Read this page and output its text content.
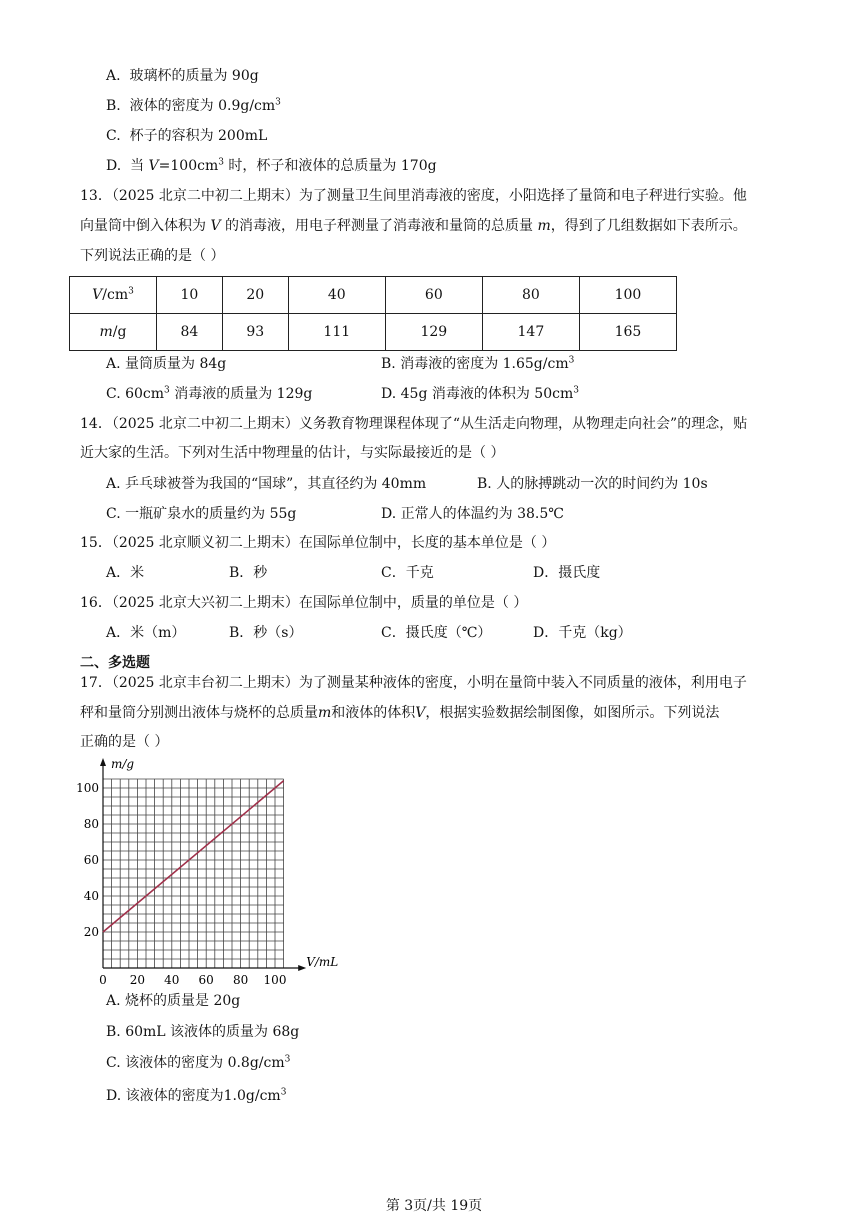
A. 玻璃杯的质量为 90g
B. 液体的密度为 $0.9g/cm^3$
C. 杯子的容积为 200mL
D. 当 $V=100cm^3$ 时，杯子和液体的总质量为 170g
13．（2025 北京二中初二上期末）为了测量卫生间里消毒液的密度，小阳选择了量筒和电子秤进行实验。他
向量筒中倒入体积为 V 的消毒液，用电子秤测量了消毒液和量筒的总质量 m，得到了几组数据如下表所示。
下列说法正确的是（ ）
$V/cm^3$	10	20	40	60	80	100
m/g	84	93	111	129	147	165
A. 量筒质量为 84g	B. 消毒液的密度为 $1.65g/cm^3$
C. $60cm^3$ 消毒液的质量为 129g	D. 45g 消毒液的体积为 $50cm^3$
14．（2025 北京二中初二上期末）义务教育物理课程体现了“从生活走向物理，从物理走向社会”的理念，贴
近大家的生活。下列对生活中物理量的估计，与实际最接近的是（ ）
A. 乒乓球被誉为我国的“国球”，其直径约为 40mm	B. 人的脉搏跳动一次的时间约为 10s
C. 一瓶矿泉水的质量约为 55g	D. 正常人的体温约为 38.5℃
15．（2025 北京顺义初二上期末）在国际单位制中，长度的基本单位是（ ）
A．米	B．秒	C．千克	D．摄氏度
16．（2025 北京大兴初二上期末）在国际单位制中，质量的单位是（ ）
A．米（m）	B．秒（s）	C．摄氏度（℃）	D．千克（kg）
二、多选题
17．（2025 北京丰台初二上期末）为了测量某种液体的密度，小明在量筒中装入不同质量的液体，利用电子
秤和量筒分别测出液体与烧杯的总质量m和液体的体积V，根据实验数据绘制图像，如图所示。下列说法
正确的是（ ）
m/g
V/mL
0 20 40 60 80 100
20
40
60
80
100
A. 烧杯的质量是 20g
B. 60mL 该液体的质量为 68g
C. 该液体的密度为 $0.8g/cm^3$
D. 该液体的密度为$1.0g/cm^3$
第 3页/共 19页
